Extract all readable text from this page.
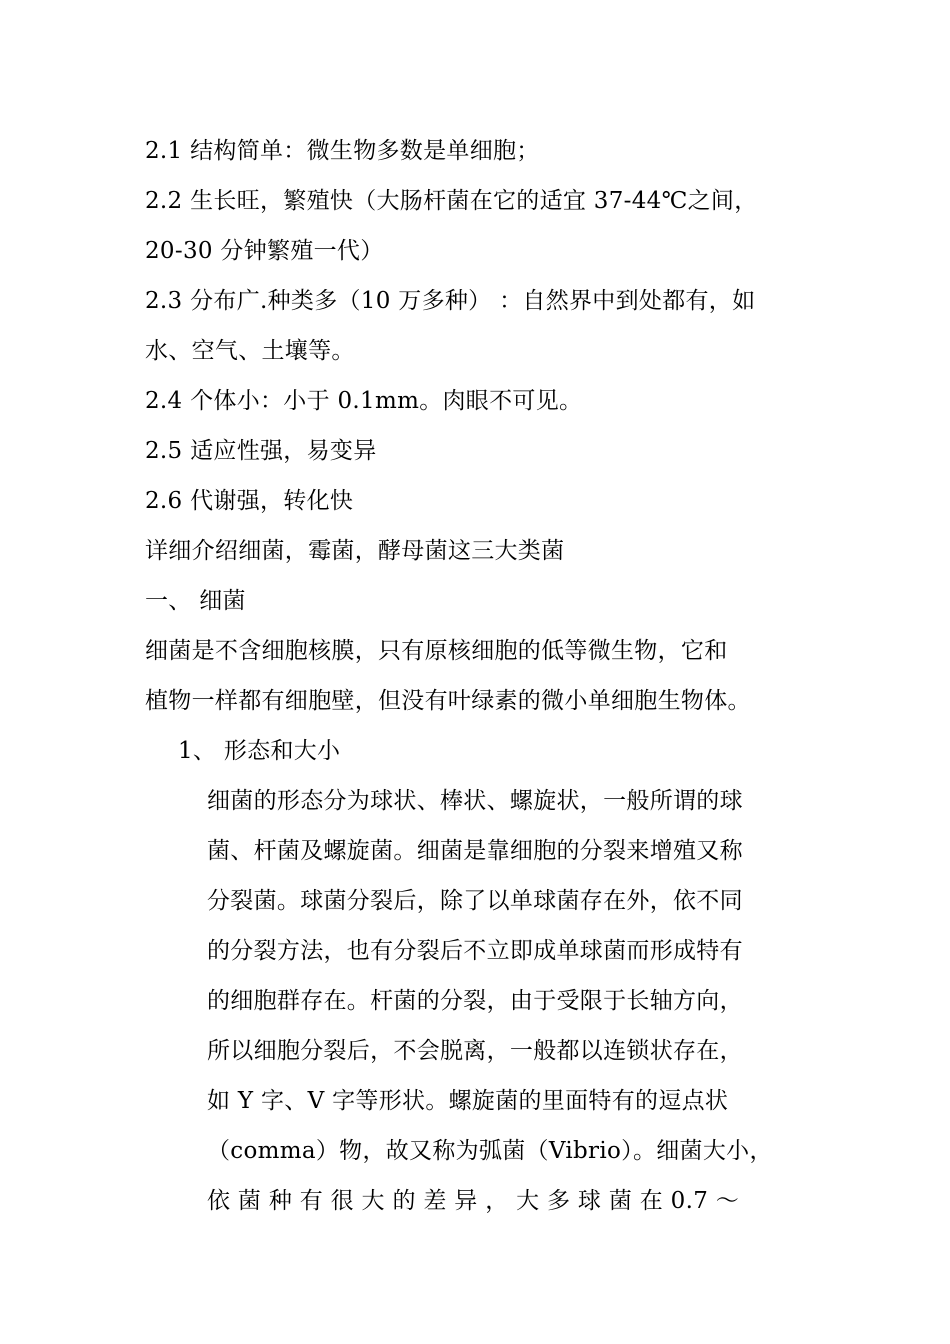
2.1 结构简单：微生物多数是单细胞；
2.2 生长旺，繁殖快（大肠杆菌在它的适宜 37-44℃之间，
20-30 分钟繁殖一代）
2.3 分布广.种类多（10 万多种） ：自然界中到处都有，如
水、空气、土壤等。
2.4 个体小：小于 0.1mm。肉眼不可见。
2.5 适应性强，易变异
2.6 代谢强，转化快
详细介绍细菌，霉菌，酵母菌这三大类菌
一、 细菌
细菌是不含细胞核膜，只有原核细胞的低等微生物，它和
植物一样都有细胞壁，但没有叶绿素的微小单细胞生物体。
1、 形态和大小
细菌的形态分为球状、棒状、螺旋状，一般所谓的球
菌、杆菌及螺旋菌。细菌是靠细胞的分裂来增殖又称
分裂菌。球菌分裂后，除了以单球菌存在外，依不同
的分裂方法，也有分裂后不立即成单球菌而形成特有
的细胞群存在。杆菌的分裂，由于受限于长轴方向，
所以细胞分裂后，不会脱离，一般都以连锁状存在，
如 Y 字、V 字等形状。螺旋菌的里面特有的逗点状
（comma）物，故又称为弧菌（Vibrio）。细菌大小，
依 菌 种 有 很 大 的 差 异 ， 大 多 球 菌 在 0.7 ～
